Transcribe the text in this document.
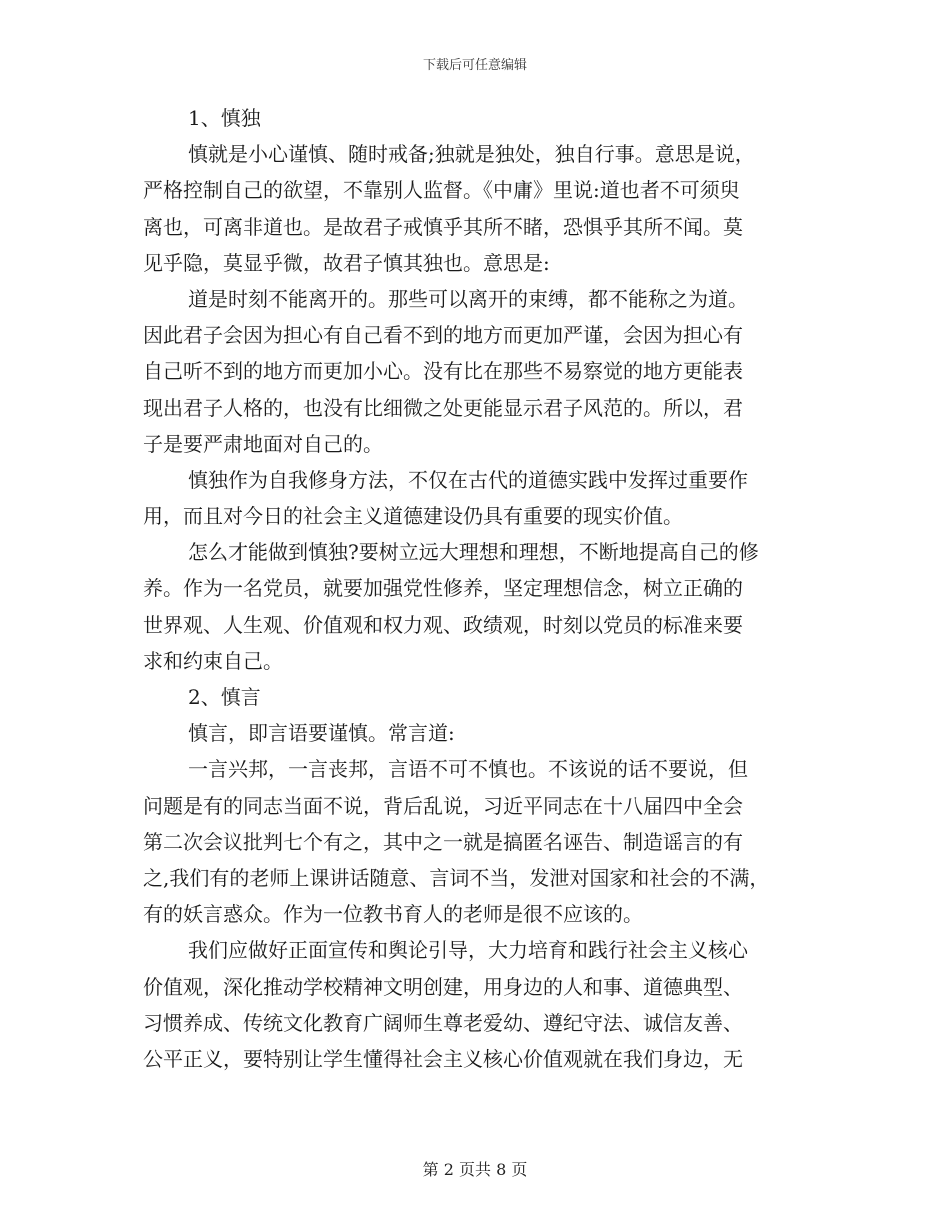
下载后可任意编辑
1、慎独
慎就是小心谨慎、随时戒备;独就是独处，独自行事。意思是说，
严格控制自己的欲望，不靠别人监督。《中庸》里说:道也者不可须臾
离也，可离非道也。是故君子戒慎乎其所不睹，恐惧乎其所不闻。莫
见乎隐，莫显乎微，故君子慎其独也。意思是:
道是时刻不能离开的。那些可以离开的束缚，都不能称之为道。
因此君子会因为担心有自己看不到的地方而更加严谨，会因为担心有
自己听不到的地方而更加小心。没有比在那些不易察觉的地方更能表
现出君子人格的，也没有比细微之处更能显示君子风范的。所以，君
子是要严肃地面对自己的。
慎独作为自我修身方法，不仅在古代的道德实践中发挥过重要作
用，而且对今日的社会主义道德建设仍具有重要的现实价值。
怎么才能做到慎独?要树立远大理想和理想，不断地提高自己的修
养。作为一名党员，就要加强党性修养，坚定理想信念，树立正确的
世界观、人生观、价值观和权力观、政绩观，时刻以党员的标准来要
求和约束自己。
2、慎言
慎言，即言语要谨慎。常言道:
一言兴邦，一言丧邦，言语不可不慎也。不该说的话不要说，但
问题是有的同志当面不说，背后乱说，习近平同志在十八届四中全会
第二次会议批判七个有之，其中之一就是搞匿名诬告、制造谣言的有
之,我们有的老师上课讲话随意、言词不当，发泄对国家和社会的不满，
有的妖言惑众。作为一位教书育人的老师是很不应该的。
我们应做好正面宣传和舆论引导，大力培育和践行社会主义核心
价值观，深化推动学校精神文明创建，用身边的人和事、道德典型、
习惯养成、传统文化教育广阔师生尊老爱幼、遵纪守法、诚信友善、
公平正义，要特别让学生懂得社会主义核心价值观就在我们身边，无
第 2 页共 8 页
